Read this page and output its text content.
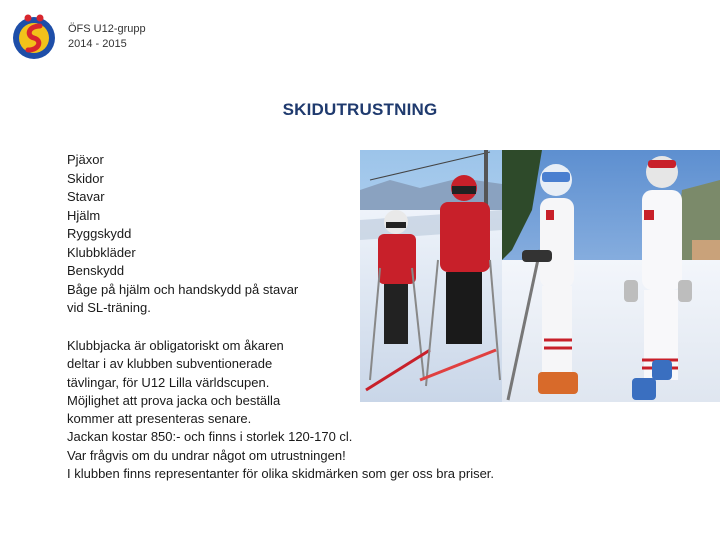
ÖFS U12-grupp
2014 - 2015
SKIDUTRUSTNING
Pjäxor
Skidor
Stavar
Hjälm
Ryggskydd
Klubbkläder
Benskydd
Båge på hjälm och handskydd på stavar
vid SL-träning.
Klubbjacka är obligatoriskt om åkaren
deltar i av klubben subventionerade
tävlingar, för U12 Lilla världscupen.
Möjlighet att prova jacka och beställa
kommer att presenteras senare.
Jackan kostar 850:- och finns i storlek 120-170 cl.
Var frågvis om du undrar något om utrustningen!
I klubben finns representanter för olika skidmärken som ger oss bra priser.
